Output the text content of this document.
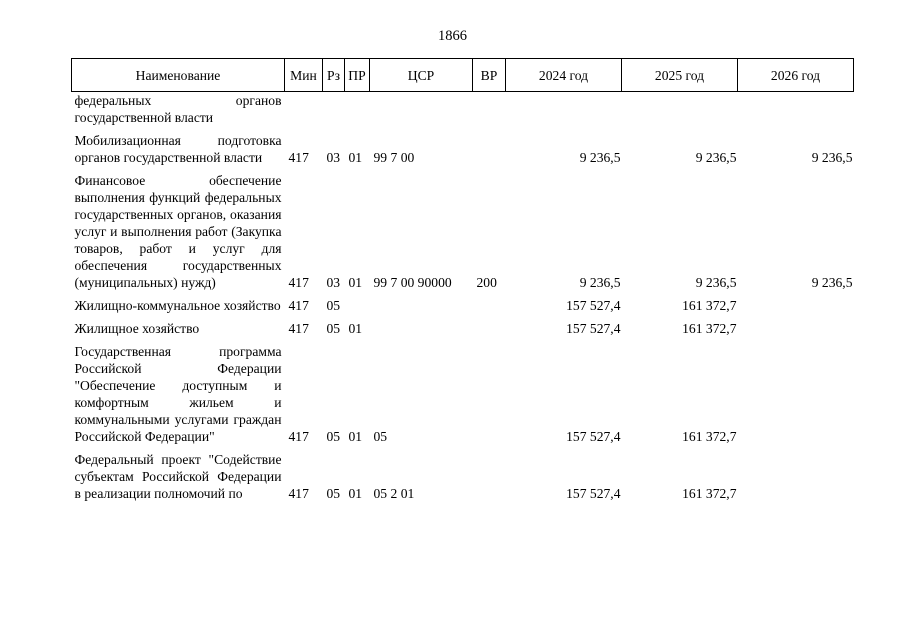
1866
Наименование	Мин	Рз	ПР	ЦСР	ВР	2024 год	2025 год	2026 год
федеральных органов государственной власти								
Мобилизационная подготовка органов государственной власти	417	03	01	99 7 00		9 236,5	9 236,5	9 236,5
Финансовое обеспечение выполнения функций федеральных государственных органов, оказания услуг и выполнения работ (Закупка товаров, работ и услуг для обеспечения государственных (муниципальных) нужд)	417	03	01	99 7 00 90000	200	9 236,5	9 236,5	9 236,5
Жилищно-коммунальное хозяйство	417	05				157 527,4	161 372,7	
Жилищное хозяйство	417	05	01			157 527,4	161 372,7	
Государственная программа Российской Федерации "Обеспечение доступным и комфортным жильем и коммунальными услугами граждан Российской Федерации"	417	05	01	05		157 527,4	161 372,7	
Федеральный проект "Содействие субъектам Российской Федерации в реализации полномочий по	417	05	01	05 2 01		157 527,4	161 372,7	
